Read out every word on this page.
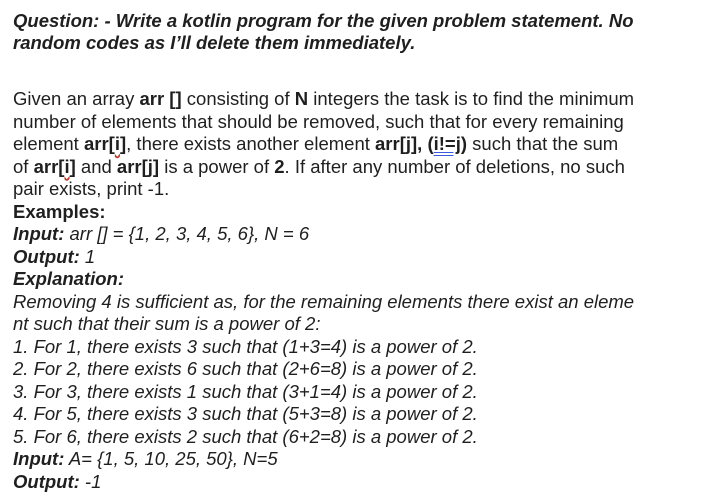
Question: - Write a kotlin program for the given problem statement. No
random codes as I’ll delete them immediately.
Given an array arr [] consisting of N integers the task is to find the minimum
number of elements that should be removed, such that for every remaining
element arr[i], there exists another element arr[j], (i!=j) such that the sum
of arr[i] and arr[j] is a power of 2. If after any number of deletions, no such
pair exists, print -1.
Examples:
Input: arr [] = {1, 2, 3, 4, 5, 6}, N = 6
Output: 1
Explanation:
Removing 4 is sufficient as, for the remaining elements there exist an eleme
nt such that their sum is a power of 2:
1. For 1, there exists 3 such that (1+3=4) is a power of 2.
2. For 2, there exists 6 such that (2+6=8) is a power of 2.
3. For 3, there exists 1 such that (3+1=4) is a power of 2.
4. For 5, there exists 3 such that (5+3=8) is a power of 2.
5. For 6, there exists 2 such that (6+2=8) is a power of 2.
Input: A= {1, 5, 10, 25, 50}, N=5
Output: -1
